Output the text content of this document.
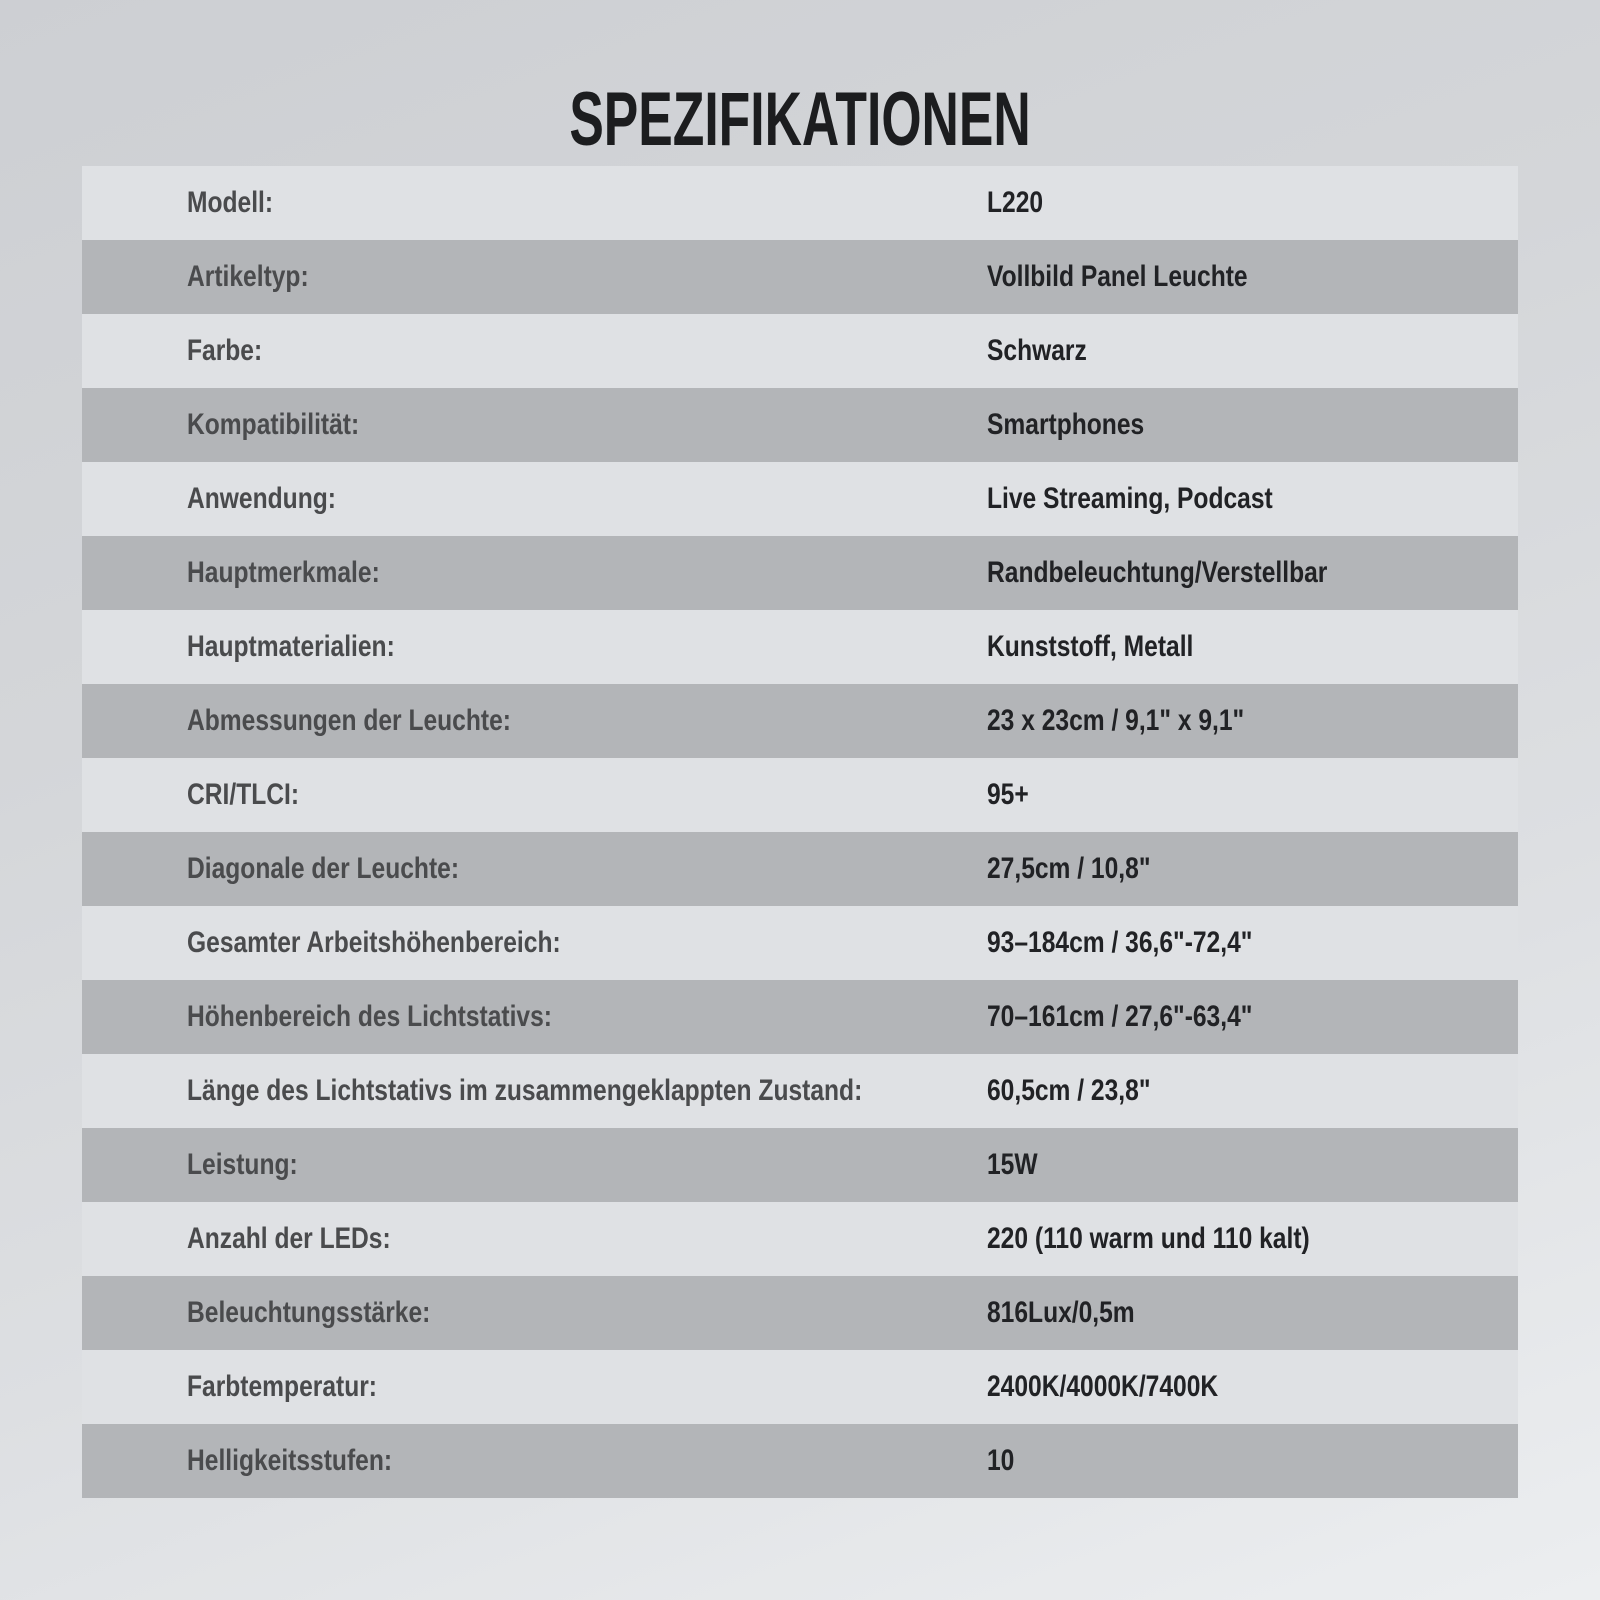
SPEZIFIKATIONEN
Modell:	L220
Artikeltyp:	Vollbild Panel Leuchte
Farbe:	Schwarz
Kompatibilität:	Smartphones
Anwendung:	Live Streaming, Podcast
Hauptmerkmale:	Randbeleuchtung/Verstellbar
Hauptmaterialien:	Kunststoff, Metall
Abmessungen der Leuchte:	23 x 23cm / 9,1" x 9,1"
CRI/TLCI:	95+
Diagonale der Leuchte:	27,5cm / 10,8"
Gesamter Arbeitshöhenbereich:	93–184cm / 36,6"-72,4"
Höhenbereich des Lichtstativs:	70–161cm / 27,6"-63,4"
Länge des Lichtstativs im zusammengeklappten Zustand:	60,5cm / 23,8"
Leistung:	15W
Anzahl der LEDs:	220 (110 warm und 110 kalt)
Beleuchtungsstärke:	816Lux/0,5m
Farbtemperatur:	2400K/4000K/7400K
Helligkeitsstufen:	10
